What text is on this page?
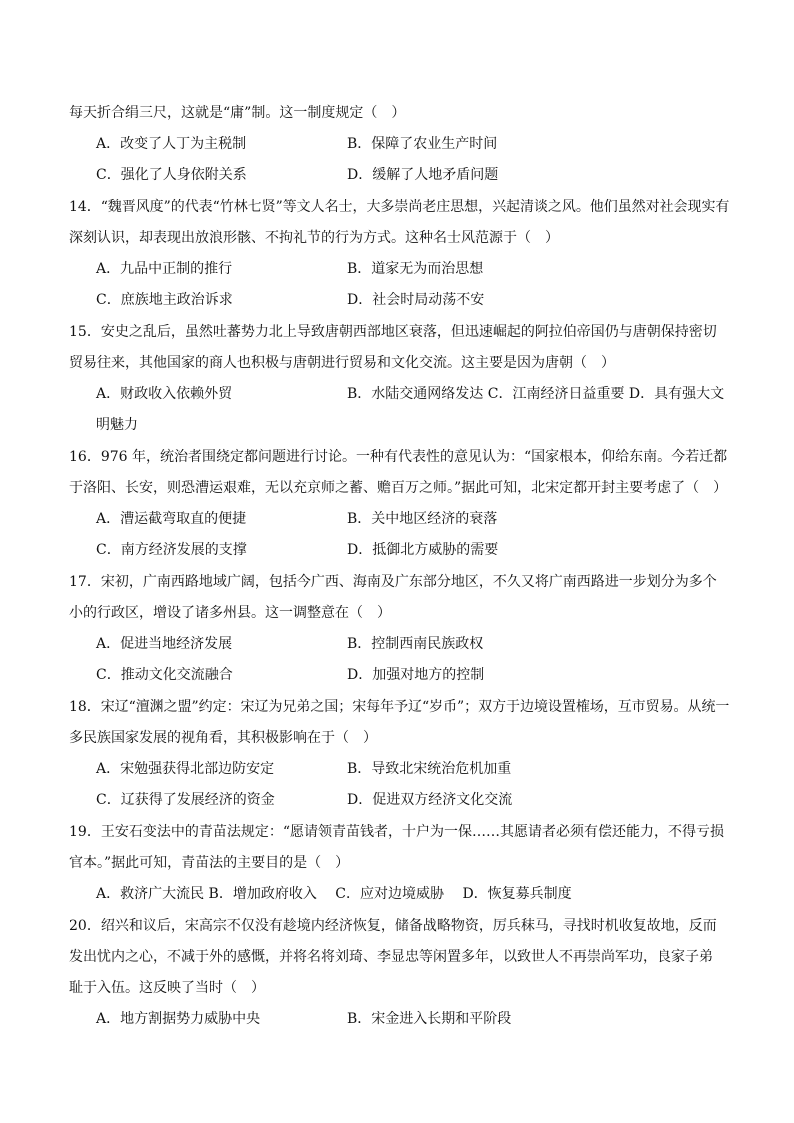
每天折合绢三尺，这就是“庸”制。这一制度规定（　）
A．改变了人丁为主税制	B．保障了农业生产时间
C．强化了人身依附关系	D．缓解了人地矛盾问题
14．“魏晋风度”的代表“竹林七贤”等文人名士，大多崇尚老庄思想，兴起清谈之风。他们虽然对社会现实有
深刻认识，却表现出放浪形骸、不拘礼节的行为方式。这种名士风范源于（　）
A．九品中正制的推行	B．道家无为而治思想
C．庶族地主政治诉求	D．社会时局动荡不安
15．安史之乱后，虽然吐蕃势力北上导致唐朝西部地区衰落，但迅速崛起的阿拉伯帝国仍与唐朝保持密切
贸易往来，其他国家的商人也积极与唐朝进行贸易和文化交流。这主要是因为唐朝（　）
A．财政收入依赖外贸	B．水陆交通网络发达 C．江南经济日益重要 D．具有强大文
明魅力
16．976 年，统治者围绕定都问题进行讨论。一种有代表性的意见认为：“国家根本，仰给东南。今若迁都
于洛阳、长安，则恐漕运艰难，无以充京师之蓄、赡百万之师。”据此可知，北宋定都开封主要考虑了（　）
A．漕运截弯取直的便捷	B．关中地区经济的衰落
C．南方经济发展的支撑	D．抵御北方威胁的需要
17．宋初，广南西路地域广阔，包括今广西、海南及广东部分地区，不久又将广南西路进一步划分为多个
小的行政区，增设了诸多州县。这一调整意在（　）
A．促进当地经济发展	B．控制西南民族政权
C．推动文化交流融合	D．加强对地方的控制
18．宋辽“澶渊之盟”约定：宋辽为兄弟之国；宋每年予辽“岁币”；双方于边境设置榷场，互市贸易。从统一
多民族国家发展的视角看，其积极影响在于（　）
A．宋勉强获得北部边防安定	B．导致北宋统治危机加重
C．辽获得了发展经济的资金	D．促进双方经济文化交流
19．王安石变法中的青苗法规定：“愿请领青苗钱者，十户为一保……其愿请者必须有偿还能力，不得亏损
官本。”据此可知，青苗法的主要目的是（　）
A．救济广大流民 B．增加政府收入　 C．应对边境威胁　 D．恢复募兵制度
20．绍兴和议后，宋高宗不仅没有趁境内经济恢复，储备战略物资，厉兵秣马，寻找时机收复故地，反而
发出忧内之心，不减于外的感慨，并将名将刘琦、李显忠等闲置多年，以致世人不再崇尚军功，良家子弟
耻于入伍。这反映了当时（　）
A．地方割据势力威胁中央	B．宋金进入长期和平阶段
